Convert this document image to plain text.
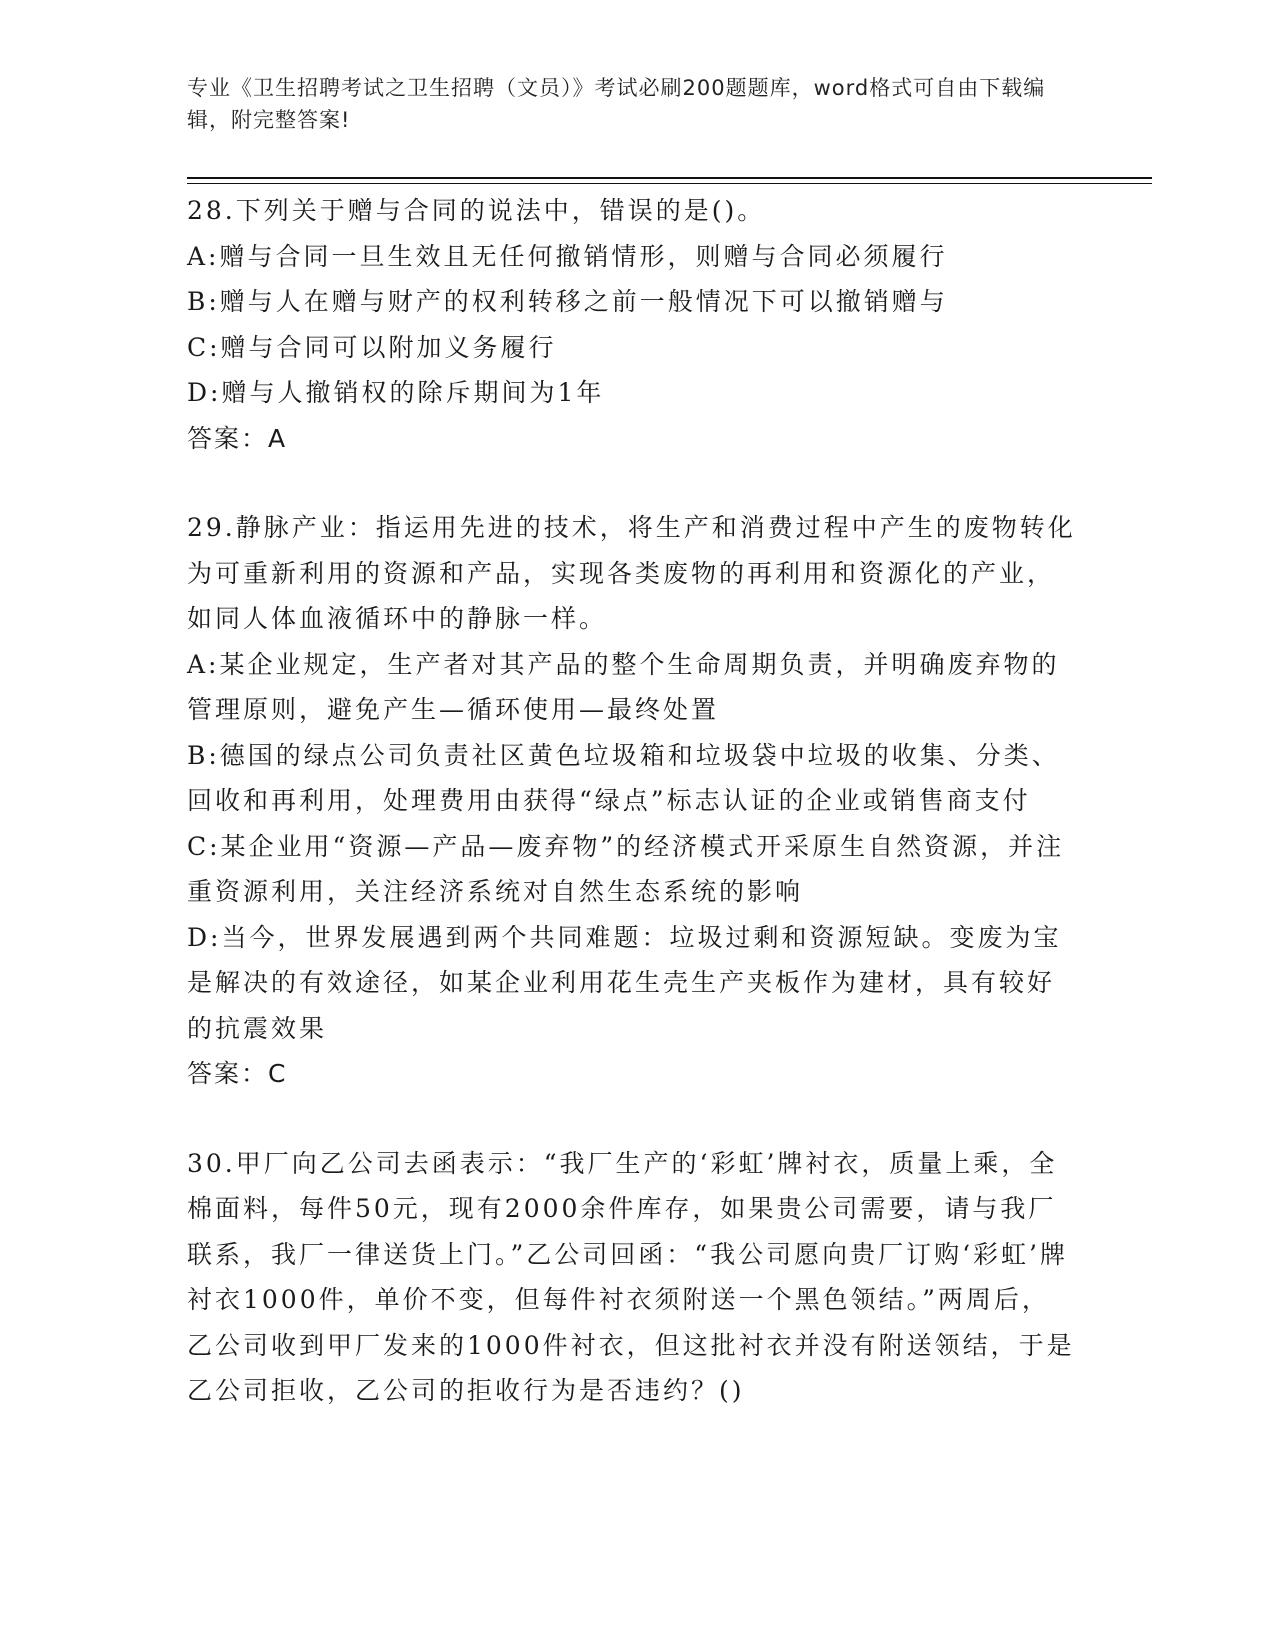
专业《卫生招聘考试之卫生招聘（文员）》考试必刷200题题库，word格式可自由下载编辑，附完整答案!
28.下列关于赠与合同的说法中，错误的是()。
A:赠与合同一旦生效且无任何撤销情形，则赠与合同必须履行
B:赠与人在赠与财产的权利转移之前一般情况下可以撤销赠与
C:赠与合同可以附加义务履行
D:赠与人撤销权的除斥期间为1年
答案：A
29.静脉产业：指运用先进的技术，将生产和消费过程中产生的废物转化为可重新利用的资源和产品，实现各类废物的再利用和资源化的产业，如同人体血液循环中的静脉一样。
A:某企业规定，生产者对其产品的整个生命周期负责，并明确废弃物的管理原则，避免产生—循环使用—最终处置
B:德国的绿点公司负责社区黄色垃圾箱和垃圾袋中垃圾的收集、分类、回收和再利用，处理费用由获得“绿点”标志认证的企业或销售商支付
C:某企业用“资源—产品—废弃物”的经济模式开采原生自然资源，并注重资源利用，关注经济系统对自然生态系统的影响
D:当今，世界发展遇到两个共同难题：垃圾过剩和资源短缺。变废为宝是解决的有效途径，如某企业利用花生壳生产夹板作为建材，具有较好的抗震效果
答案：C
30.甲厂向乙公司去函表示：“我厂生产的‘彩虹’牌衬衣，质量上乘，全棉面料，每件50元，现有2000余件库存，如果贵公司需要，请与我厂联系，我厂一律送货上门。”乙公司回函：“我公司愿向贵厂订购‘彩虹’牌衬衣1000件，单价不变，但每件衬衣须附送一个黑色领结。”两周后，乙公司收到甲厂发来的1000件衬衣，但这批衬衣并没有附送领结，于是乙公司拒收，乙公司的拒收行为是否违约？()
